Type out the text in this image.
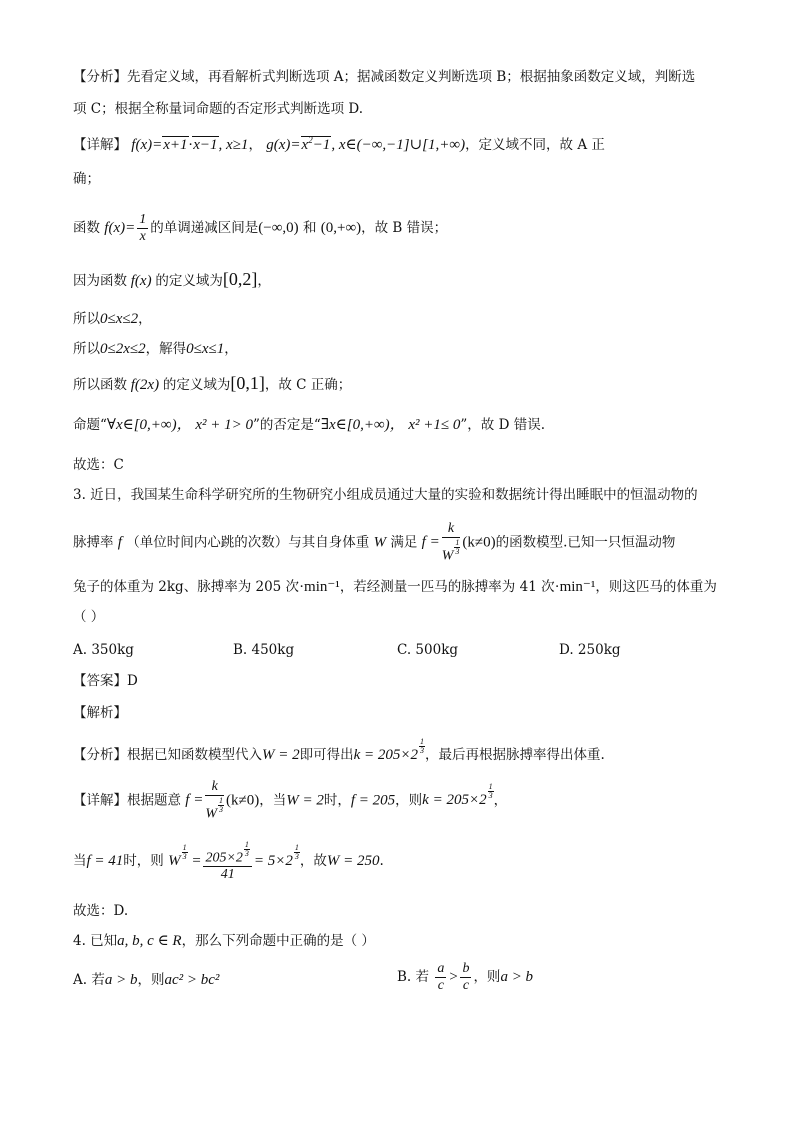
【分析】先看定义域，再看解析式判断选项 A；据减函数定义判断选项 B；根据抽象函数定义域，判断选
项 C；根据全称量词命题的否定形式判断选项 D.
【详解】 f(x)=x+1·x−1, x≥1， $g(x)=x^2-1$, x∈(−∞,−1]∪[1,+∞)，定义域不同，故 A 正
确；
函数 $f(x)= \frac{1}{x}$ 的单调递减区间是(−∞,0) 和 (0,+∞)，故 B 错误；
因为函数 f(x) 的定义域为[0,2]，
所以0≤x≤2，
所以0≤2x≤2，解得0≤x≤1，
所以函数 f(2x) 的定义域为[0,1]，故 C 正确；
命题“∀x∈[0,+∞)， x² + 1> 0”的否定是“∃x∈[0,+∞)， x² +1≤ 0”，故 D 错误.
故选：C
3. 近日，我国某生命科学研究所的生物研究小组成员通过大量的实验和数据统计得出睡眠中的恒温动物的
脉搏率 f （单位时间内心跳的次数）与其自身体重 W 满足 f = k
W
$\frac{1}{3} (k\ne 0)$的函数模型.已知一只恒温动物
兔子的体重为 2kg、脉搏率为 205 次·min⁻¹，若经测量一匹马的脉搏率为 41 次·min⁻¹，则这匹马的体重为
（ ）
A. 350kg	B. 450kg	C. 500kg	D. 250kg
【答案】D
【解析】
【分析】根据已知函数模型代入W = 2即可得出$k = 205\times 2 \frac{1}{3}$ ，最后再根据脉搏率得出体重.
【详解】根据题意 f = k
W
$\frac{1}{3} (k\ne 0)$，当W = 2时，f = 205，则$k = 205\times 2 \frac{1}{3}$ ，
当f = 41时，则 W $\frac{1}{3} = 205\times 2$
$\frac{1}{3}$
$41 = 5\times 2 \frac{1}{3}$ ，故W = 250.
故选：D.
4. 已知a, b, c ∈ R，那么下列命题中正确的是（ ）
A. 若a > b，则ac² > bc²	B. 若 $\frac{a}{c} > \frac{b}{c}$ ，则a > b
